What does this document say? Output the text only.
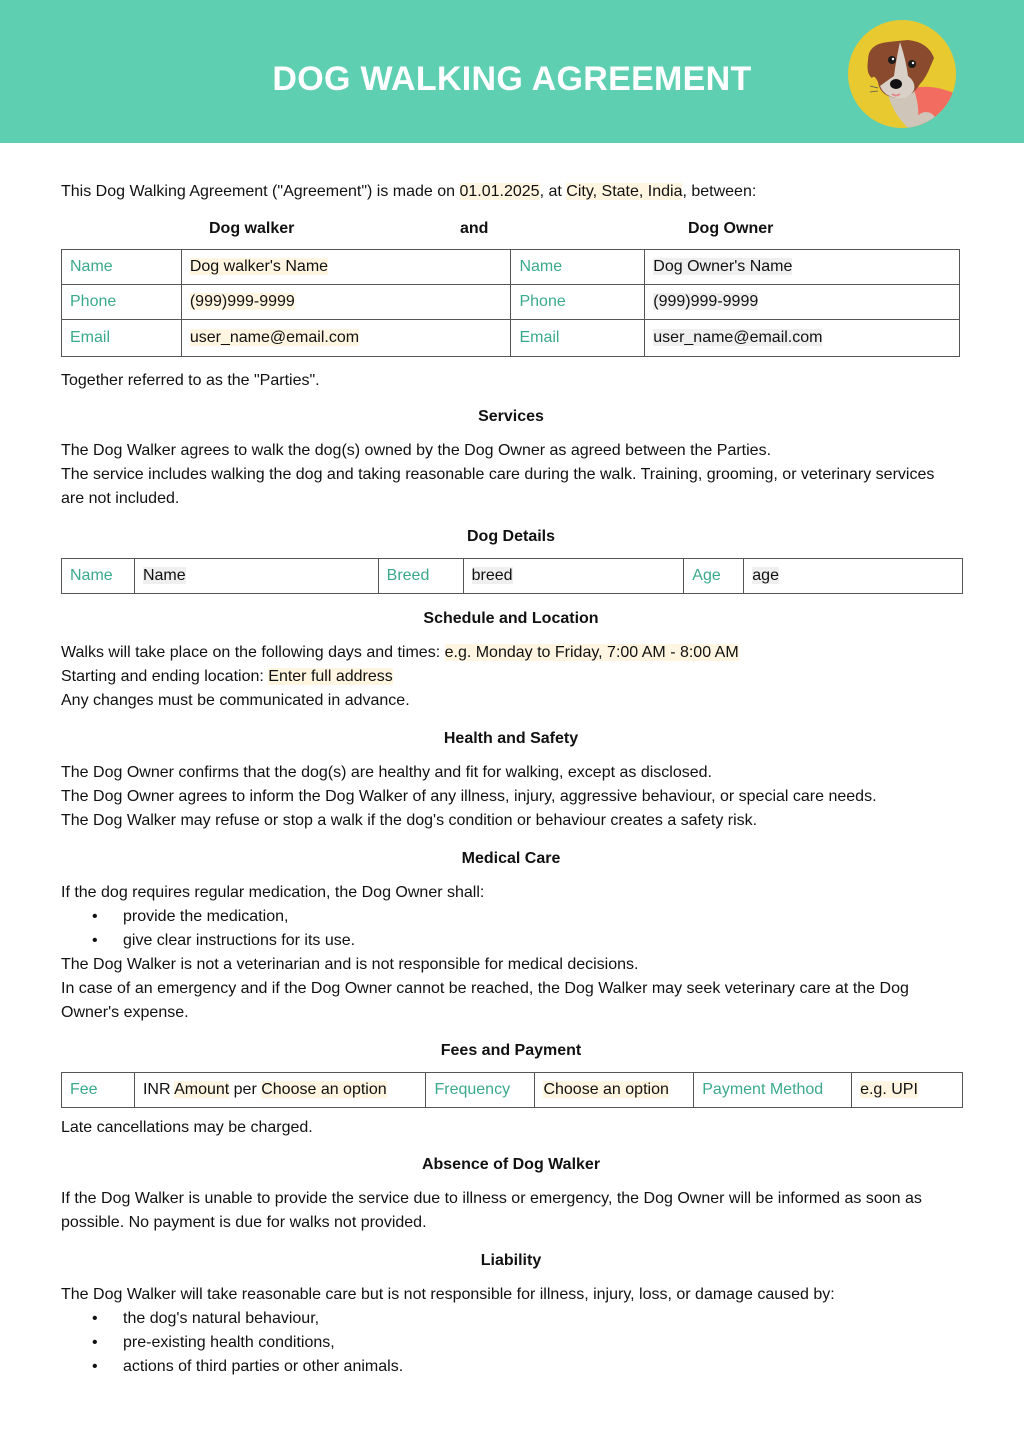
DOG WALKING AGREEMENT

This Dog Walking Agreement ("Agreement") is made on 01.01.2025, at City, State, India, between:

Dog walker	and	Dog Owner
Name	Dog walker's Name	Name	Dog Owner's Name
Phone	(999)999-9999	Phone	(999)999-9999
Email	user_name@email.com	Email	user_name@email.com

Together referred to as the "Parties".

Services

The Dog Walker agrees to walk the dog(s) owned by the Dog Owner as agreed between the Parties.

The service includes walking the dog and taking reasonable care during the walk. Training, grooming, or veterinary services are not included.

Dog Details
Name	Name	Breed	breed	Age	age
Schedule and Location

Walks will take place on the following days and times: e.g. Monday to Friday, 7:00 AM - 8:00 AM

Starting and ending location: Enter full address

Any changes must be communicated in advance.

Health and Safety

The Dog Owner confirms that the dog(s) are healthy and fit for walking, except as disclosed.

The Dog Owner agrees to inform the Dog Walker of any illness, injury, aggressive behaviour, or special care needs.

The Dog Walker may refuse or stop a walk if the dog's condition or behaviour creates a safety risk.

Medical Care

If the dog requires regular medication, the Dog Owner shall:

• provide the medication,
• give clear instructions for its use.

The Dog Walker is not a veterinarian and is not responsible for medical decisions.

In case of an emergency and if the Dog Owner cannot be reached, the Dog Walker may seek veterinary care at the Dog Owner's expense.

Fees and Payment
Fee	INR Amount per Choose an option	Frequency	Choose an option	Payment Method	e.g. UPI

Late cancellations may be charged.

Absence of Dog Walker

If the Dog Walker is unable to provide the service due to illness or emergency, the Dog Owner will be informed as soon as possible. No payment is due for walks not provided.

Liability

The Dog Walker will take reasonable care but is not responsible for illness, injury, loss, or damage caused by:

• the dog's natural behaviour,
• pre-existing health conditions,
• actions of third parties or other animals.
